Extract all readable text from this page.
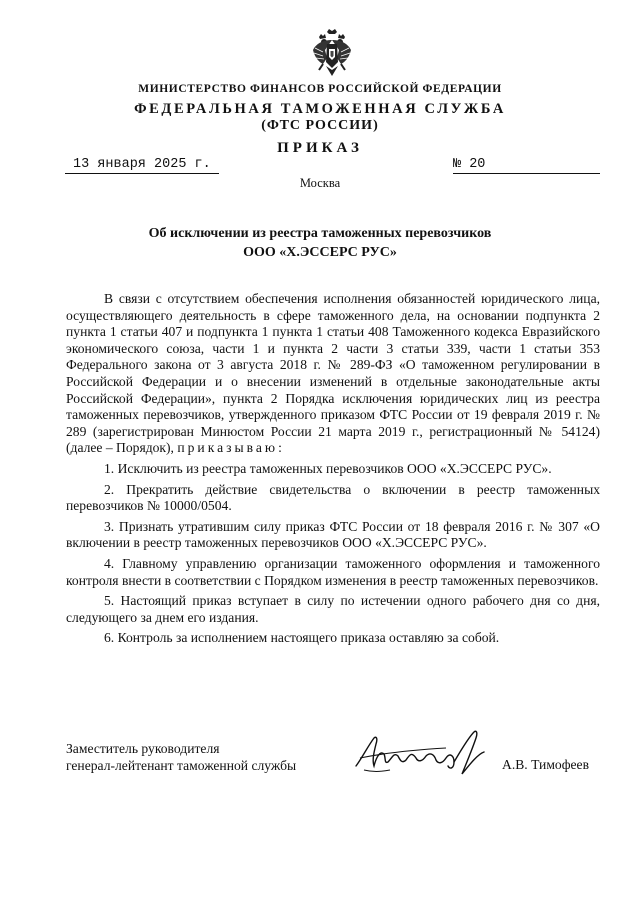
МИНИСТЕРСТВО ФИНАНСОВ РОССИЙСКОЙ ФЕДЕРАЦИИ
ФЕДЕРАЛЬНАЯ ТАМОЖЕННАЯ СЛУЖБА
(ФТС РОССИИ)
ПРИКАЗ
13 января 2025 г.	№ 20
Москва
Об исключении из реестра таможенных перевозчиков
ООО «Х.ЭССЕРС РУС»

В связи с отсутствием обеспечения исполнения обязанностей юридического лица, осуществляющего деятельность в сфере таможенного дела, на основании подпункта 2 пункта 1 статьи 407 и подпункта 1 пункта 1 статьи 408 Таможенного кодекса Евразийского экономического союза, части 1 и пункта 2 части 3 статьи 339, части 1 статьи 353 Федерального закона от 3 августа 2018 г. № 289-ФЗ «О таможенном регулировании в Российской Федерации и о внесении изменений в отдельные законодательные акты Российской Федерации», пункта 2 Порядка исключения юридических лиц из реестра таможенных перевозчиков, утвержденного приказом ФТС России от 19 февраля 2019 г. № 289 (зарегистрирован Минюстом России 21 марта 2019 г., регистрационный № 54124) (далее – Порядок), приказываю:

1. Исключить из реестра таможенных перевозчиков ООО «Х.ЭССЕРС РУС».

2. Прекратить действие свидетельства о включении в реестр таможенных перевозчиков № 10000/0504.

3. Признать утратившим силу приказ ФТС России от 18 февраля 2016 г. № 307 «О включении в реестр таможенных перевозчиков ООО «Х.ЭССЕРС РУС».

4. Главному управлению организации таможенного оформления и таможенного контроля внести в соответствии с Порядком изменения в реестр таможенных перевозчиков.

5. Настоящий приказ вступает в силу по истечении одного рабочего дня со дня, следующего за днем его издания.

6. Контроль за исполнением настоящего приказа оставляю за собой.

Заместитель руководителя
генерал-лейтенант таможенной службы	А.В. Тимофеев
